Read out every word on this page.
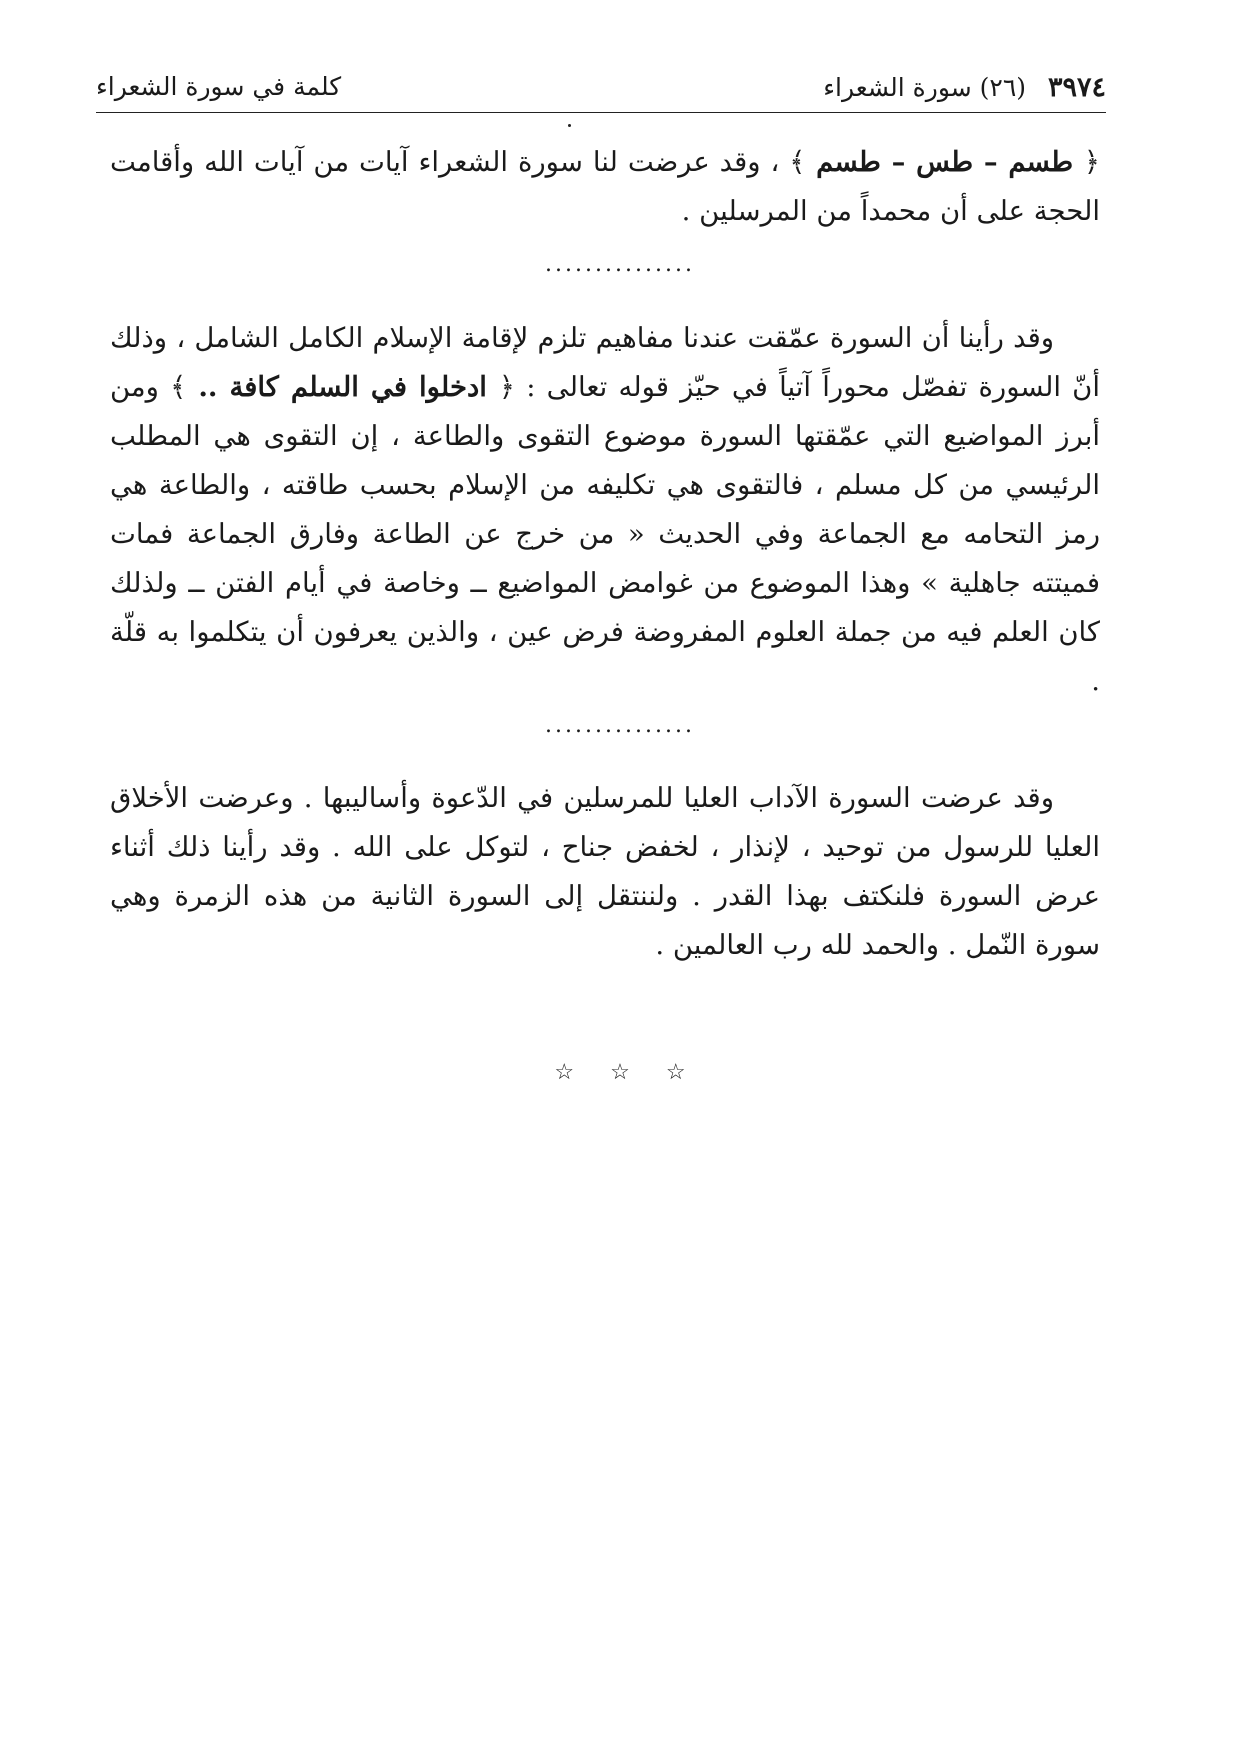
٣٩٧٤ (٢٦) سورة الشعراء
كلمة في سورة الشعراء

﴿ طسم – طس – طسم ﴾ ، وقد عرضت لنا سورة الشعراء آيات من آيات الله وأقامت الحجة على أن محمداً من المرسلين .

...............

وقد رأينا أن السورة عمّقت عندنا مفاهيم تلزم لإقامة الإسلام الكامل الشامل ، وذلك أنّ السورة تفصّل محوراً آتياً في حيّز قوله تعالى : ﴿ ادخلوا في السلم كافة .. ﴾ ومن أبرز المواضيع التي عمّقتها السورة موضوع التقوى والطاعة ، إن التقوى هي المطلب الرئيسي من كل مسلم ، فالتقوى هي تكليفه من الإسلام بحسب طاقته ، والطاعة هي رمز التحامه مع الجماعة وفي الحديث « من خرج عن الطاعة وفارق الجماعة فمات فميتته جاهلية » وهذا الموضوع من غوامض المواضيع ــ وخاصة في أيام الفتن ــ ولذلك كان العلم فيه من جملة العلوم المفروضة فرض عين ، والذين يعرفون أن يتكلموا به قلّة .

...............

وقد عرضت السورة الآداب العليا للمرسلين في الدّعوة وأساليبها . وعرضت الأخلاق العليا للرسول من توحيد ، لإنذار ، لخفض جناح ، لتوكل على الله . وقد رأينا ذلك أثناء عرض السورة فلنكتف بهذا القدر . ولننتقل إلى السورة الثانية من هذه الزمرة وهي سورة النّمل . والحمد لله رب العالمين .

☆ ☆ ☆
